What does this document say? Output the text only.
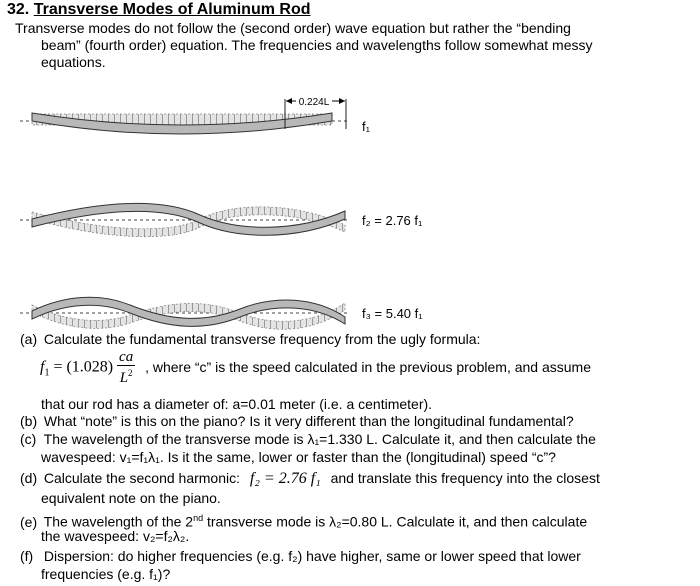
32. Transverse Modes of Aluminum Rod
Transverse modes do not follow the (second order) wave equation but rather the “bending
beam” (fourth order) equation. The frequencies and wavelengths follow somewhat messy
equations.
0.224L
f₁
f₂ = 2.76 f₁
f₃ = 5.40 f₁
(a) Calculate the fundamental transverse frequency from the ugly formula:
$f_1 = (1.028) \frac{ca}{L^2}$ , where “c” is the speed calculated in the previous problem, and assume
that our rod has a diameter of: a=0.01 meter (i.e. a centimeter).
(b) What “note” is this on the piano? Is it very different than the longitudinal fundamental?
(c) The wavelength of the transverse mode is λ₁=1.330 L. Calculate it, and then calculate the
wavespeed: v₁=f₁λ₁. Is it the same, lower or faster than the (longitudinal) speed “c”?
(d) Calculate the second harmonic: f₂ = 2.76 f₁ and translate this frequency into the closest
equivalent note on the piano.
(e) The wavelength of the 2nd transverse mode is λ₂=0.80 L. Calculate it, and then calculate
the wavespeed: v₂=f₂λ₂.
(f) Dispersion: do higher frequencies (e.g. f₂) have higher, same or lower speed that lower
frequencies (e.g. f₁)?
